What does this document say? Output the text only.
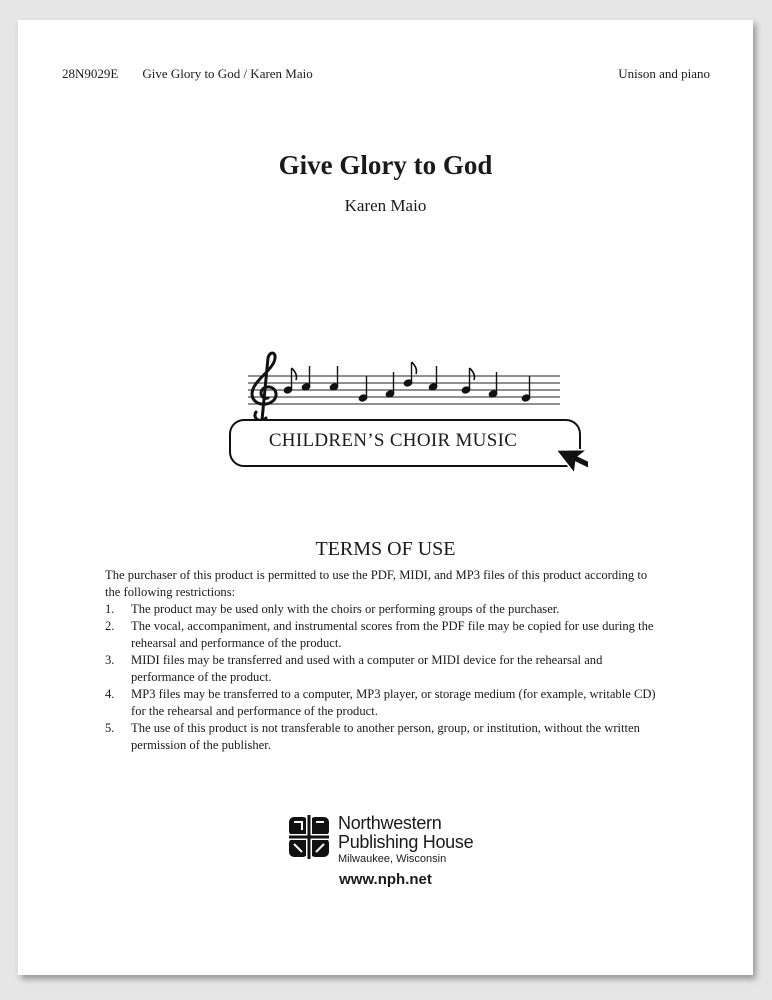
28N9029E Give Glory to God / Karen Maio	Unison and piano
Give Glory to God
Karen Maio
CHILDREN’S CHOIR MUSIC
TERMS OF USE

The purchaser of this product is permitted to use the PDF, MIDI, and MP3 files of this product according to the following restrictions:

1. The product may be used only with the choirs or performing groups of the purchaser.
2. The vocal, accompaniment, and instrumental scores from the PDF file may be copied for use during the rehearsal and performance of the product.
3. MIDI files may be transferred and used with a computer or MIDI device for the rehearsal and performance of the product.
4. MP3 files may be transferred to a computer, MP3 player, or storage medium (for example, writable CD) for the rehearsal and performance of the product.
5. The use of this product is not transferable to another person, group, or institution, without the written permission of the publisher.
Northwestern
Publishing House
Milwaukee, Wisconsin
www.nph.net
